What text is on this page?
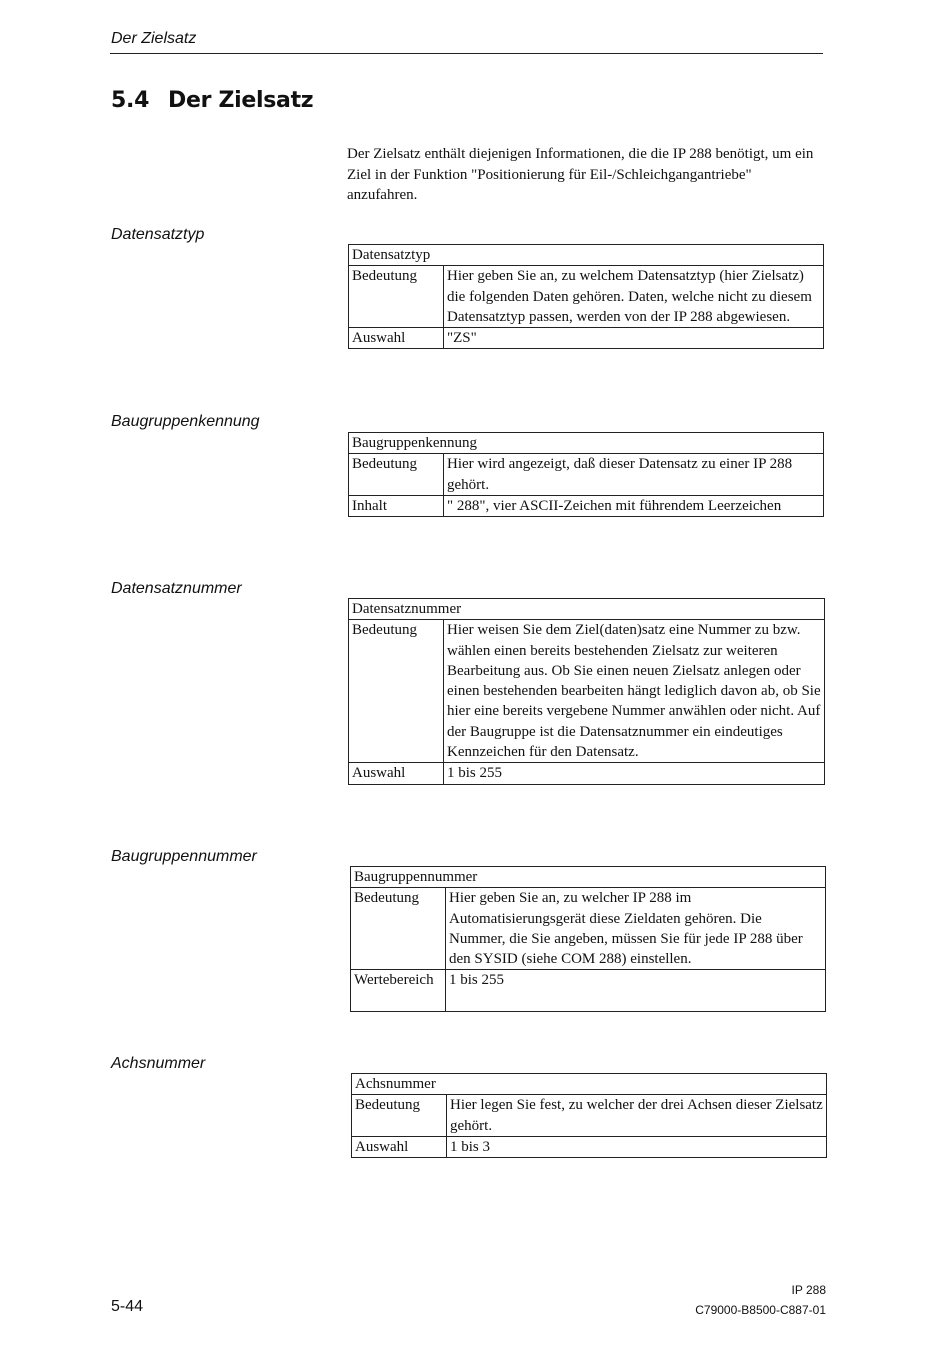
Der Zielsatz
5.4 Der Zielsatz
Der Zielsatz enthält diejenigen Informationen, die die IP 288 benötigt, um ein Ziel in der Funktion "Positionierung für Eil-/Schleichgangantriebe" anzufahren.
Datensatztyp
Datensatztyp	
Bedeutung	Hier geben Sie an, zu welchem Datensatztyp (hier Zielsatz) die folgenden Daten gehören. Daten, welche nicht zu diesem Datensatztyp passen, werden von der IP 288 abgewiesen.
Auswahl	"ZS"
Baugruppenkennung
Baugruppenkennung	
Bedeutung	Hier wird angezeigt, daß dieser Datensatz zu einer IP 288 gehört.
Inhalt	" 288", vier ASCII-Zeichen mit führendem Leerzeichen
Datensatznummer
Datensatznummer	
Bedeutung	Hier weisen Sie dem Ziel(daten)satz eine Nummer zu bzw. wählen einen bereits bestehenden Zielsatz zur weiteren Bearbeitung aus. Ob Sie einen neuen Zielsatz anlegen oder einen bestehenden bearbeiten hängt lediglich davon ab, ob Sie hier eine bereits vergebene Nummer anwählen oder nicht. Auf der Baugruppe ist die Datensatznummer ein eindeutiges Kennzeichen für den Datensatz.
Auswahl	1 bis 255
Baugruppennummer
Baugruppennummer	
Bedeutung	Hier geben Sie an, zu welcher IP 288 im Automatisierungsgerät diese Zieldaten gehören. Die Nummer, die Sie angeben, müssen Sie für jede IP 288 über den SYSID (siehe COM 288) einstellen.
Wertebereich	1 bis 255
Achsnummer
Achsnummer	
Bedeutung	Hier legen Sie fest, zu welcher der drei Achsen dieser Zielsatz gehört.
Auswahl	1 bis 3
5-44
IP 288
C79000-B8500-C887-01
